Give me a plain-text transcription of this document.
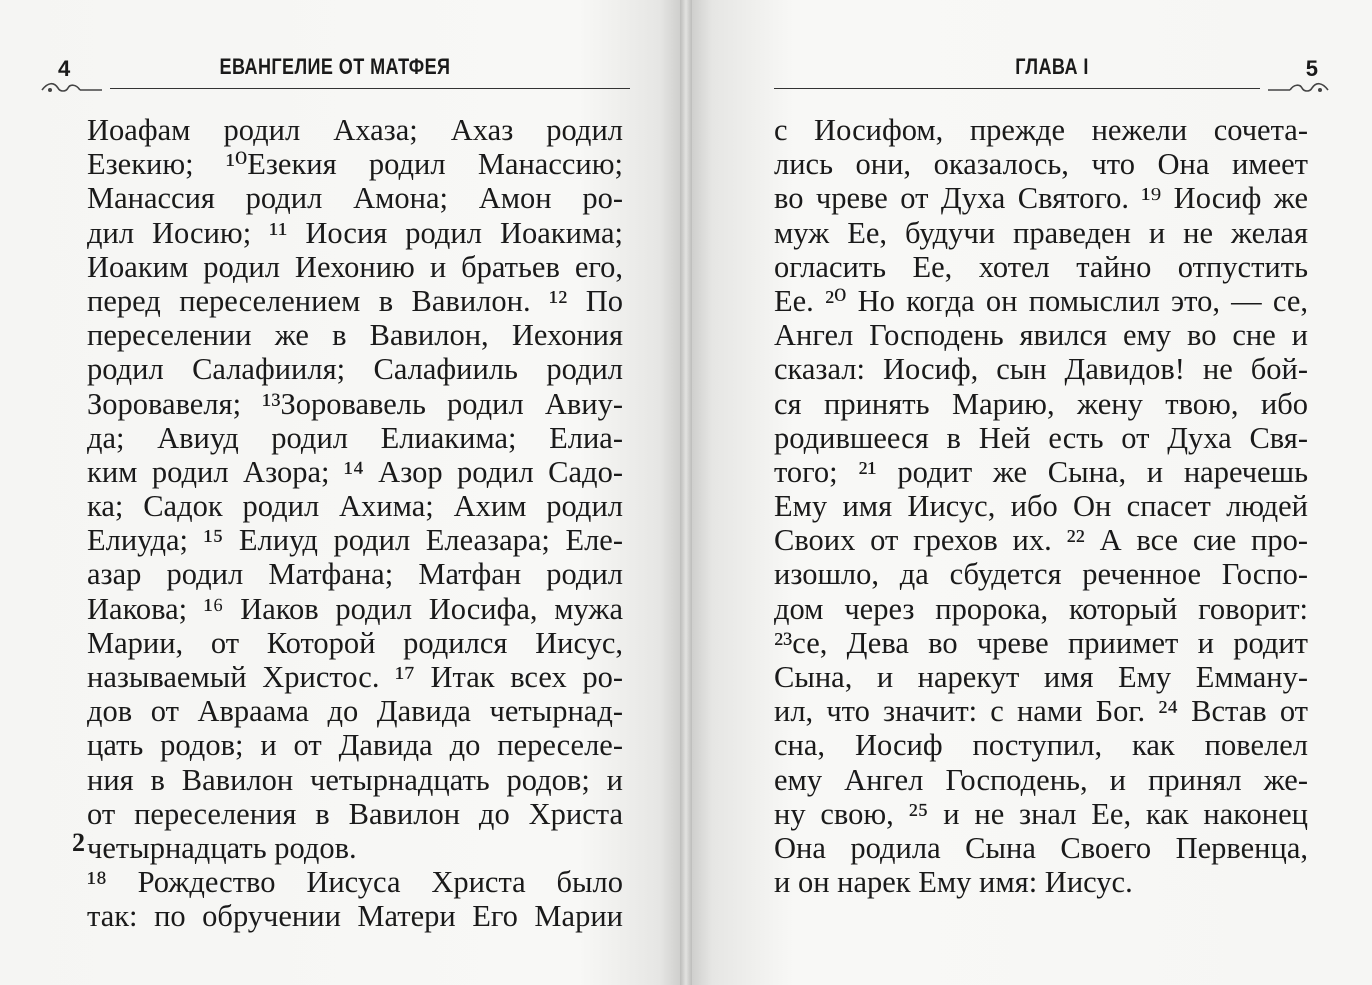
4	ЕВАНГЕЛИЕ ОТ МАТФЕЯ
Иоафам родил Ахаза; Ахаз родил
Езекию; ¹⁰Езекия родил Манассию;
Манассия родил Амона; Амон ро-
дил Иосию; ¹¹ Иосия родил Иоакима;
Иоаким родил Иехонию и братьев его,
перед переселением в Вавилон. ¹² По
переселении же в Вавилон, Иехония
родил Салафииля; Салафииль родил
Зоровавеля; ¹³Зоровавель родил Авиу-
да; Авиуд родил Елиакима; Елиа-
ким родил Азора; ¹⁴ Азор родил Садо-
ка; Садок родил Ахима; Ахим родил
Елиуда; ¹⁵ Елиуд родил Елеазара; Еле-
азар родил Матфана; Матфан родил
Иакова; ¹⁶ Иаков родил Иосифа, мужа
Марии, от Которой родился Иисус,
называемый Христос. ¹⁷ Итак всех ро-
дов от Авраама до Давида четырнад-
цать родов; и от Давида до переселе-
ния в Вавилон четырнадцать родов; и
от переселения в Вавилон до Христа
четырнадцать родов.
¹⁸ Рождество Иисуса Христа было
так: по обручении Матери Его Марии
2
ГЛАВА I	5
с Иосифом, прежде нежели сочета-
лись они, оказалось, что Она имеет
во чреве от Духа Святого. ¹⁹ Иосиф же
муж Ее, будучи праведен и не желая
огласить Ее, хотел тайно отпустить
Ее. ²⁰ Но когда он помыслил это, — се,
Ангел Господень явился ему во сне и
сказал: Иосиф, сын Давидов! не бой-
ся принять Марию, жену твою, ибо
родившееся в Ней есть от Духа Свя-
того; ²¹ родит же Сына, и наречешь
Ему имя Иисус, ибо Он спасет людей
Своих от грехов их. ²² А все сие про-
изошло, да сбудется реченное Госпо-
дом через пророка, который говорит:
²³се, Дева во чреве приимет и родит
Сына, и нарекут имя Ему Емману-
ил, что значит: с нами Бог. ²⁴ Встав от
сна, Иосиф поступил, как повелел
ему Ангел Господень, и принял же-
ну свою, ²⁵ и не знал Ее, как наконец
Она родила Сына Своего Первенца,
и он нарек Ему имя: Иисус.
